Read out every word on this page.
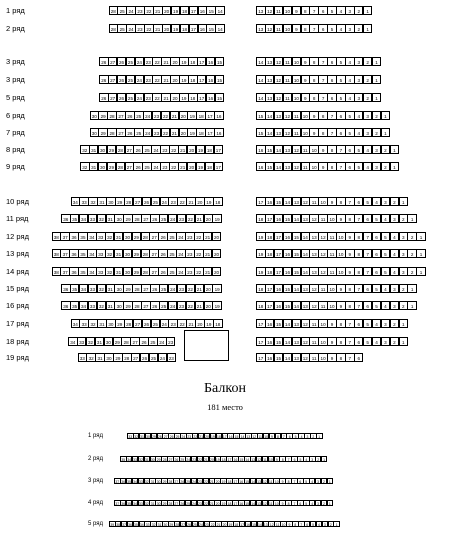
1 ряд	28 25 24 23 22 21 20 19 18 17 16 15 14	13 12 11 10	9	8	7	6	5	4	3	2	1
2 ряд	28 25 24 23 22 21 20 19 18 17 16 15 14	13 12 11 10	9	8	7	6	5	4	3	2	1
3 ряд	26 27 26 25 24 23 22 21 20 19 18 17 16 15	14 13 12 11 10	9	8	7	6	5	4	3	2	1
3 ряд	26 27 26 25 24 23 22 21 20 19 18 17 16 15	14 13 12 11 10	9	8	7	6	5	4	3	2	1
5 ряд	26 27 26 25 24 23 22 21 20 19 18 17 16 15	14 13 12 11 10	9	8	7	6	5	4	3	2	1
6 ряд	30 29 28 27 26 25 24 23 22 21 20 19 18 17 16	15 14 13 12 11 10	9	8	7	6	5	4	3	2	1
7 ряд	30 29 28 27 26 25 24 23 22 21 20 19 18 17 16	15 14 13 12 11 10	9	8	7	6	5	4	3	2	1
8 ряд	32 31 30 29 28 27 26 25 24 23 22 21 20 19 18 17	16 15 14 13 12 11 10	9	8	7	6	5	4	3	2	1
9 ряд	32 31 30 29 28 27 26 25 24 23 22 21 20 19 18 17	16 15 14 13 12 11 10	9	8	7	6	5	4	3	2	1
10 ряд	34 33 32 31 30 29 28 27 26 25 24 23 22 21 20 19 18	17 16 15 14 13 12 11 10	9	8	7	6	5	4	3	2	1
11 ряд	36 35 34 33 32 31 30 29 28 27 26 25 24 23 22 21 20 19	18 17 16 15 14 13 12 11 10	9	8	7	6	5	4	3	2	1
12 ряд	38 37 36 35 34 33 32 31 30 29 28 27 26 25 24 23 22 21 20	19 18 17 16 15 14 13 12 11 10	9	8	7	6	5	4	3	2	1
13 ряд	38 37 36 35 34 33 32 31 30 29 28 27 26 25 24 23 22 21 20	19 18 17 16 15 14 13 12 11 10	9	8	7	6	5	4	3	2	1
14 ряд	38 37 36 35 34 33 32 31 30 29 28 27 26 25 24 23 22 21 20	19 18 17 16 15 14 13 12 11 10	9	8	7	6	5	4	3	2	1
15 ряд	36 35 34 33 32 31 30 29 28 27 26 25 24 23 22 21 20 19	18 17 16 15 14 13 12 11 10	9	8	7	6	5	4	3	2	1
16 ряд	36 35 34 33 32 31 30 29 28 27 26 25 24 23 22 21 20 19	18 17 16 15 14 13 12 11 10	9	8	7	6	5	4	3	2	1
17 ряд	34 33 32 31 30 29 28 27 26 25 24 23 22 21 20 19 18	17 16 15 14 13 12 11 10	9	8	7	6	5	4	3	2	1
18 ряд	34 33 32 31 30 29 28 27 26 25 24 23	17 16 15 14 13 12 11 10	9	8	7	6	5	4	3	2	1
19 ряд	33 32 31 30 29 28 27 26 25 24 23	17 16 15 14 13 12 11 10	9	8	7	6
Балкон
181 место
1 ряд	33 32 31 30 29 28 27 26 25 24 23 22 21 20 19 18 17 16 15 14 13 12 11 10 9	8	7	6	5	4	3	2	1
2 ряд	35 34 33 32 31 30 29 28 27 26 25 24 23 22 21 20 19 18 17 16 15 14 13 12 11 10 9	8	7	6	5	4	3	2	1
3 ряд	37 36 35 34 33 32 31 30 29 28 27 26 25 24 23 22 21 20 19 18 17 16 15 14 13 12 11 10 9	8	7	6	5	4	3	2	1
4 ряд	37 36 35 34 33 32 31 30 29 28 27 26 25 24 23 22 21 20 19 18 17 16 15 14 13 12 11 10 9	8	7	6	5	4	3	2	1
5 ряд	39 38 37 36 35 34 33 32 31 30 29 28 27 26 25 24 23 22 21 20 19 18 17 16 15 14 13 12 11 10 9	8	7	6	5	4	3	2	1
